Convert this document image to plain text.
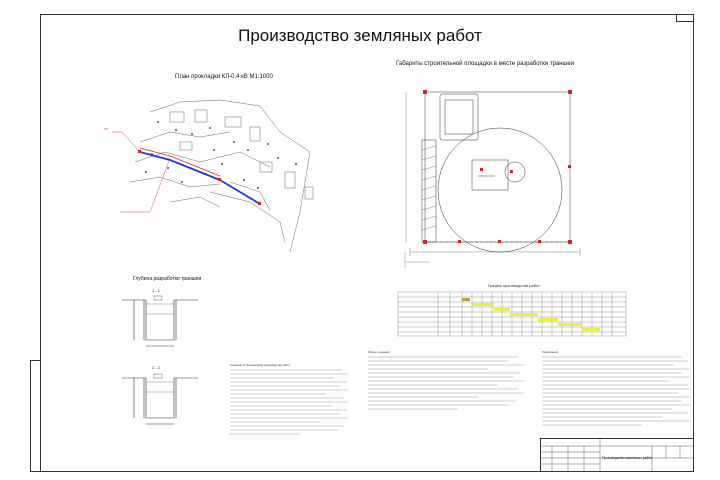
Производство земляных работ
План прокладки КЛ-0,4 кВ М1:1000
ТП
Габариты строительной площадки в месте разработки траншеи
Глубина разработки траншеи
1 - 1
2 - 2
График производства работ
Указания по безопасному производству работ
Общие указания	Примечания
Производство земляных работ
